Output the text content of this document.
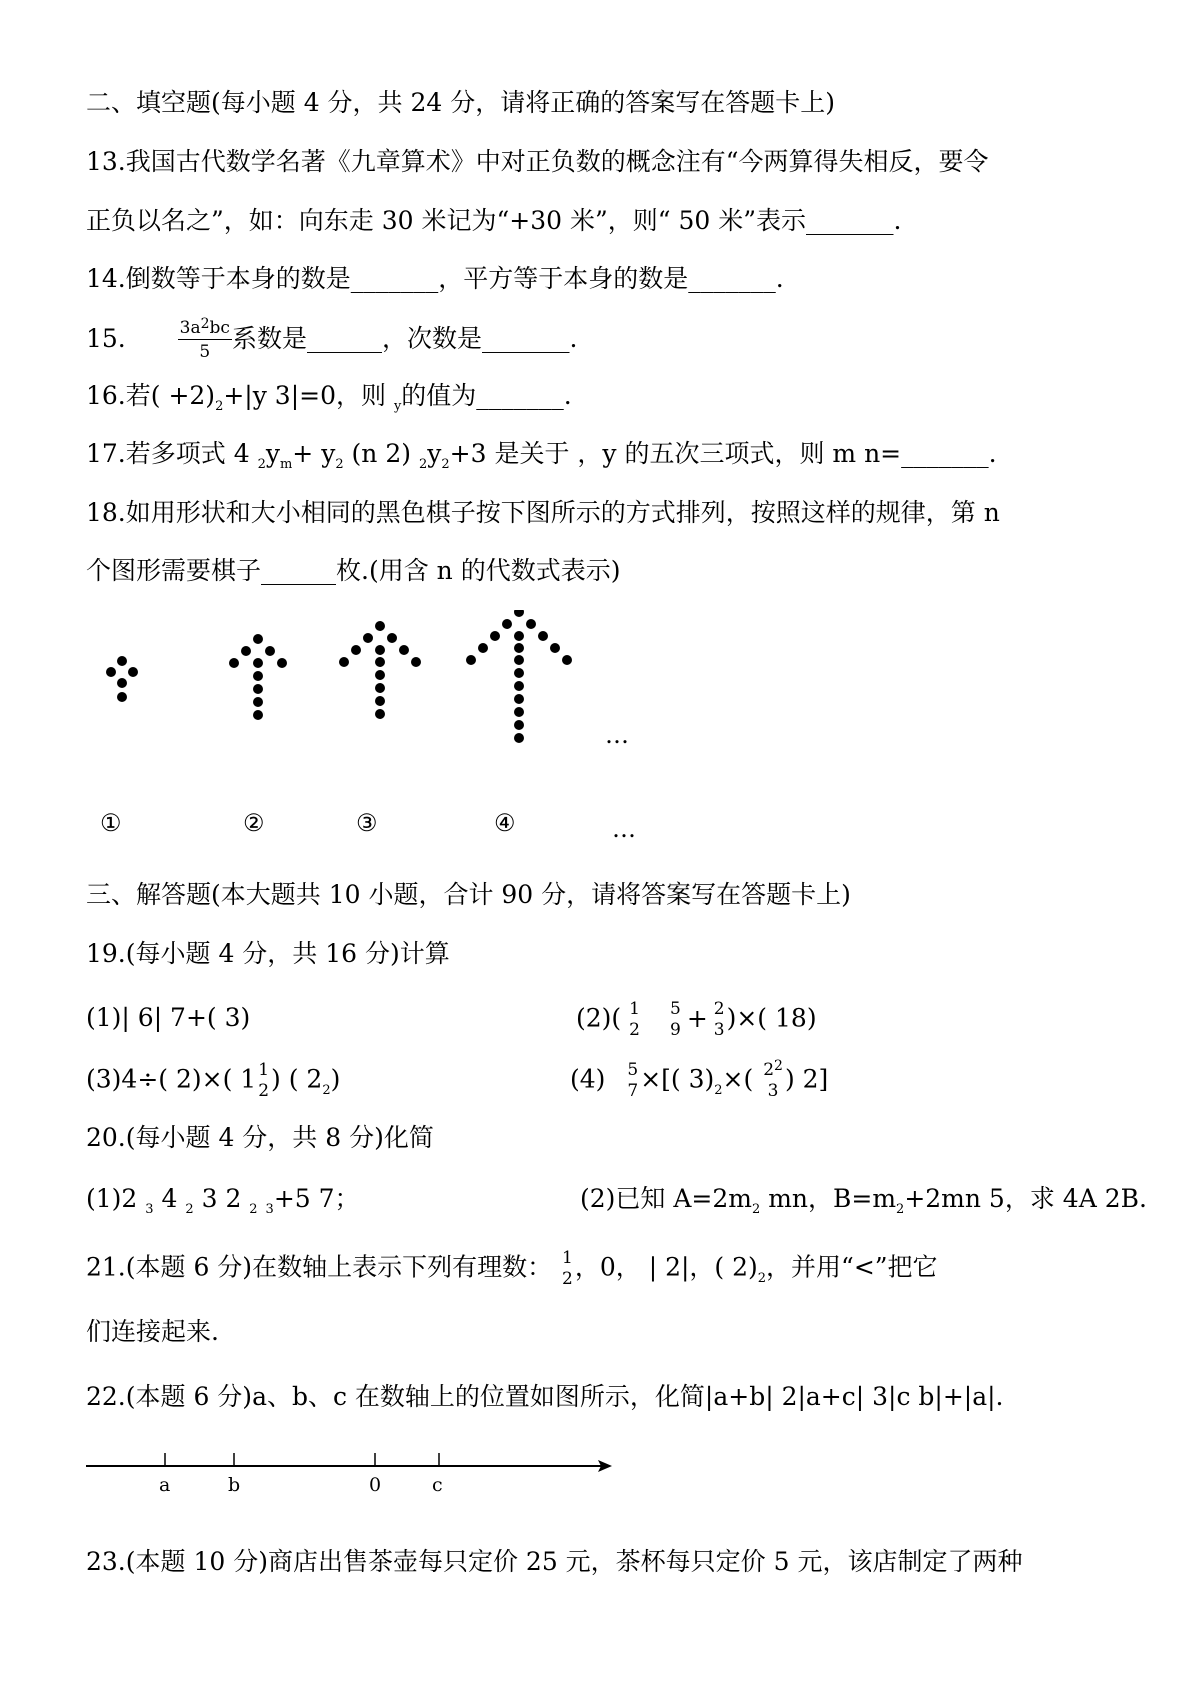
二、填空题(每小题 4 分，共 24 分，请将正确的答案写在答题卡上)
13.我国古代数学名著《九章算术》中对正负数的概念注有“今两算得失相反，要令
正负以名之”，如：向东走 30 米记为“+30 米”，则“ 50 米”表示_______.
14.倒数等于本身的数是_______，平方等于本身的数是_______.
15.	$\frac{3a^2bc}{5}$ 系数是______，次数是_______.
16.若( $+2)_2+|y$ 3|=0，则 $_y$的值为_______.
17.若多项式 4 $_2y_m+ y_2$ (n 2) $_2y_2+3$ 是关于 ，y 的五次三项式，则 m n=_______.
18.如用形状和大小相同的黑色棋子按下图所示的方式排列，按照这样的规律，第 n
个图形需要棋子______枚.(用含 n 的代数式表示)
…
①	②	③	④	…
三、解答题(本大题共 10 小题，合计 90 分，请将答案写在答题卡上)
19.(每小题 4 分，共 16 分)计算
(1)| 6| 7+( 3)	(2)( 1
2
5
9 + 2
3 )×( 18)
(3)4÷( 2)×( 1 1
2 ) ( $2_2$)	(4) 5
7 ×[( $3)_2\times$( $2^2$
3 ) 2]
20.(每小题 4 分，共 8 分)化简
(1)2 $_3$ 4 $_2$ 3 2 $_2$ $_3$+5 7；	(2)已知 $A=2m_2$ mn，$B=m_2+2mn$ 5，求 4A 2B.
21.(本题 6 分)在数轴上表示下列有理数： 1
2 ，0， | 2|，( $2)_2$，并用“<”把它
们连接起来.
22.(本题 6 分)a、b、c 在数轴上的位置如图所示，化简|a+b| 2|a+c| 3|c b|+|a|.
a	b	0	c
23.(本题 10 分)商店出售茶壶每只定价 25 元，茶杯每只定价 5 元，该店制定了两种
